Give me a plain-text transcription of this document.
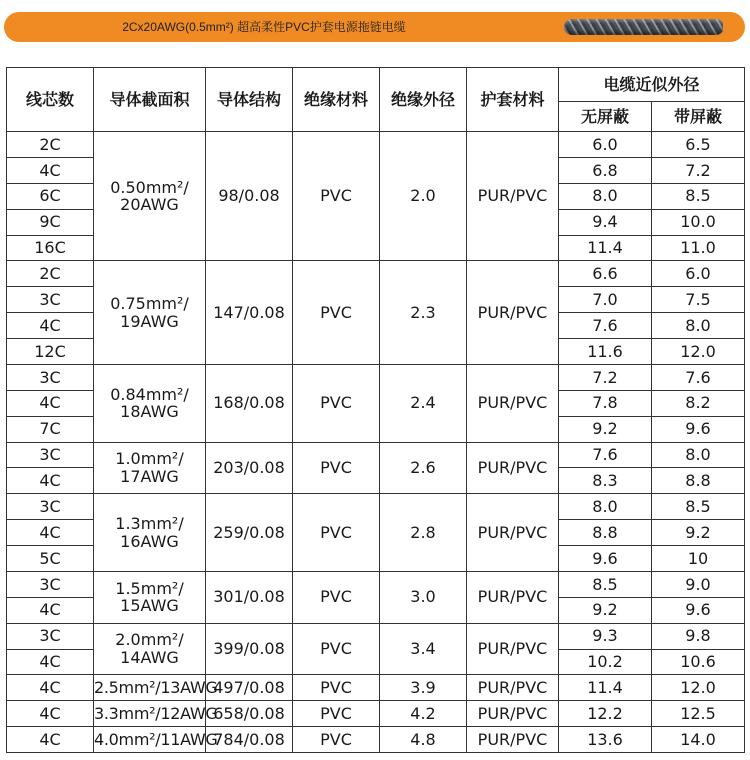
2Cx20AWG(0.5mm²) 超高柔性PVC护套电源拖链电缆
线芯数	导体截面积	导体结构	绝缘材料	绝缘外径	护套材料	电缆近似外径	
						无屏蔽	带屏蔽
2C	0.50mm²/ 20AWG	98/0.08	PVC	2.0	PUR/PVC	6.0	6.5
4C						6.8	7.2
6C						8.0	8.5
9C						9.4	10.0
16C						11.4	11.0
2C	0.75mm²/ 19AWG	147/0.08	PVC	2.3	PUR/PVC	6.6	6.0
3C						7.0	7.5
4C						7.6	8.0
12C						11.6	12.0
3C	0.84mm²/ 18AWG	168/0.08	PVC	2.4	PUR/PVC	7.2	7.6
4C						7.8	8.2
7C						9.2	9.6
3C	1.0mm²/ 17AWG	203/0.08	PVC	2.6	PUR/PVC	7.6	8.0
4C						8.3	8.8
3C	1.3mm²/ 16AWG	259/0.08	PVC	2.8	PUR/PVC	8.0	8.5
4C						8.8	9.2
5C						9.6	10
3C	1.5mm²/ 15AWG	301/0.08	PVC	3.0	PUR/PVC	8.5	9.0
4C						9.2	9.6
3C	2.0mm²/ 14AWG	399/0.08	PVC	3.4	PUR/PVC	9.3	9.8
4C						10.2	10.6
4C	2.5mm²/13AWG	497/0.08	PVC	3.9	PUR/PVC	11.4	12.0
4C	3.3mm²/12AWG	658/0.08	PVC	4.2	PUR/PVC	12.2	12.5
4C	4.0mm²/11AWG	784/0.08	PVC	4.8	PUR/PVC	13.6	14.0
